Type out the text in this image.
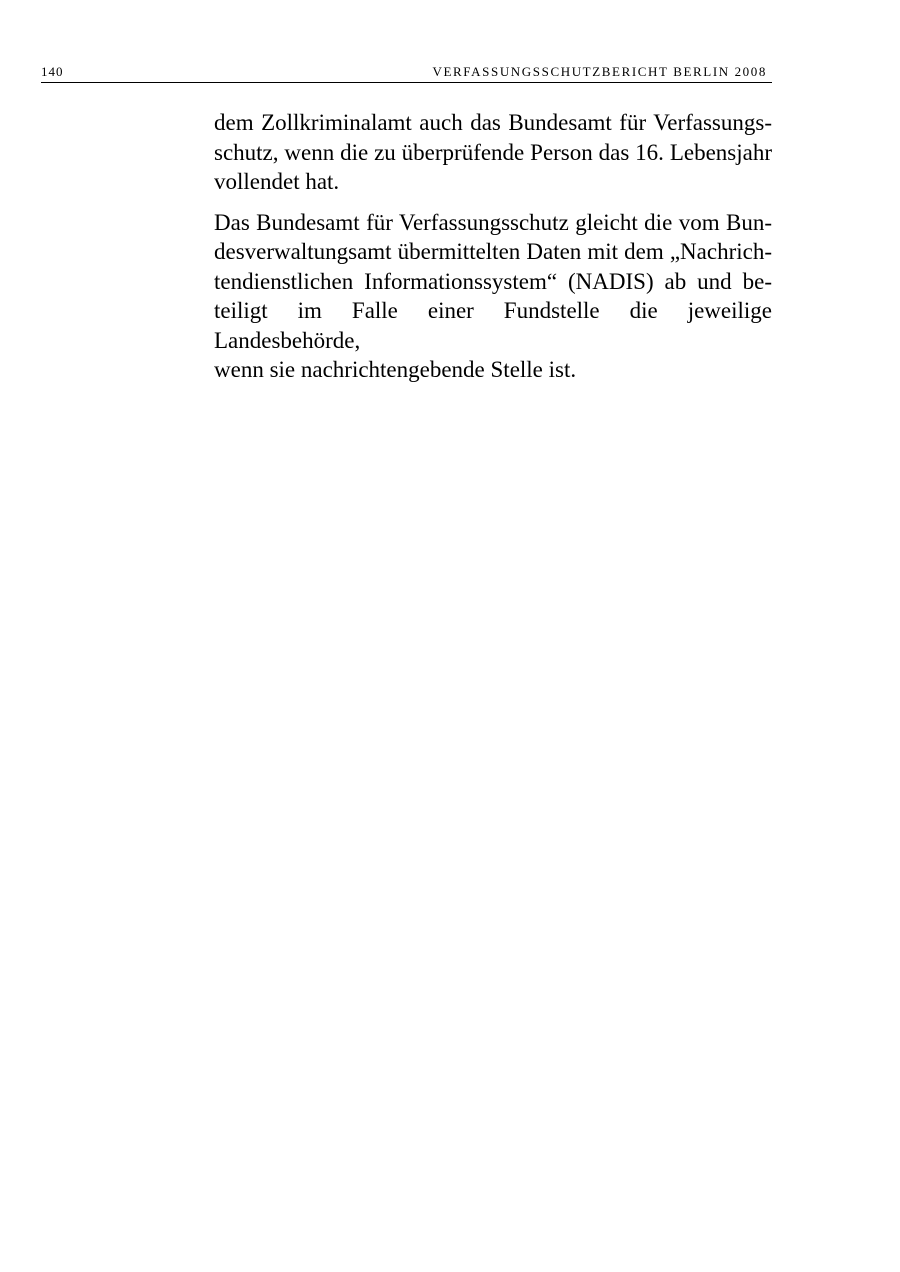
140	VERFASSUNGSSCHUTZBERICHT BERLIN 2008

dem Zollkriminalamt auch das Bundesamt für Verfassungs-
schutz, wenn die zu überprüfende Person das 16. Lebensjahr
vollendet hat.

Das Bundesamt für Verfassungsschutz gleicht die vom Bun-
desverwaltungsamt übermittelten Daten mit dem „Nachrich-
tendienstlichen Informationssystem“ (NADIS) ab und be-
teiligt im Falle einer Fundstelle die jeweilige Landesbehörde,
wenn sie nachrichtengebende Stelle ist.
